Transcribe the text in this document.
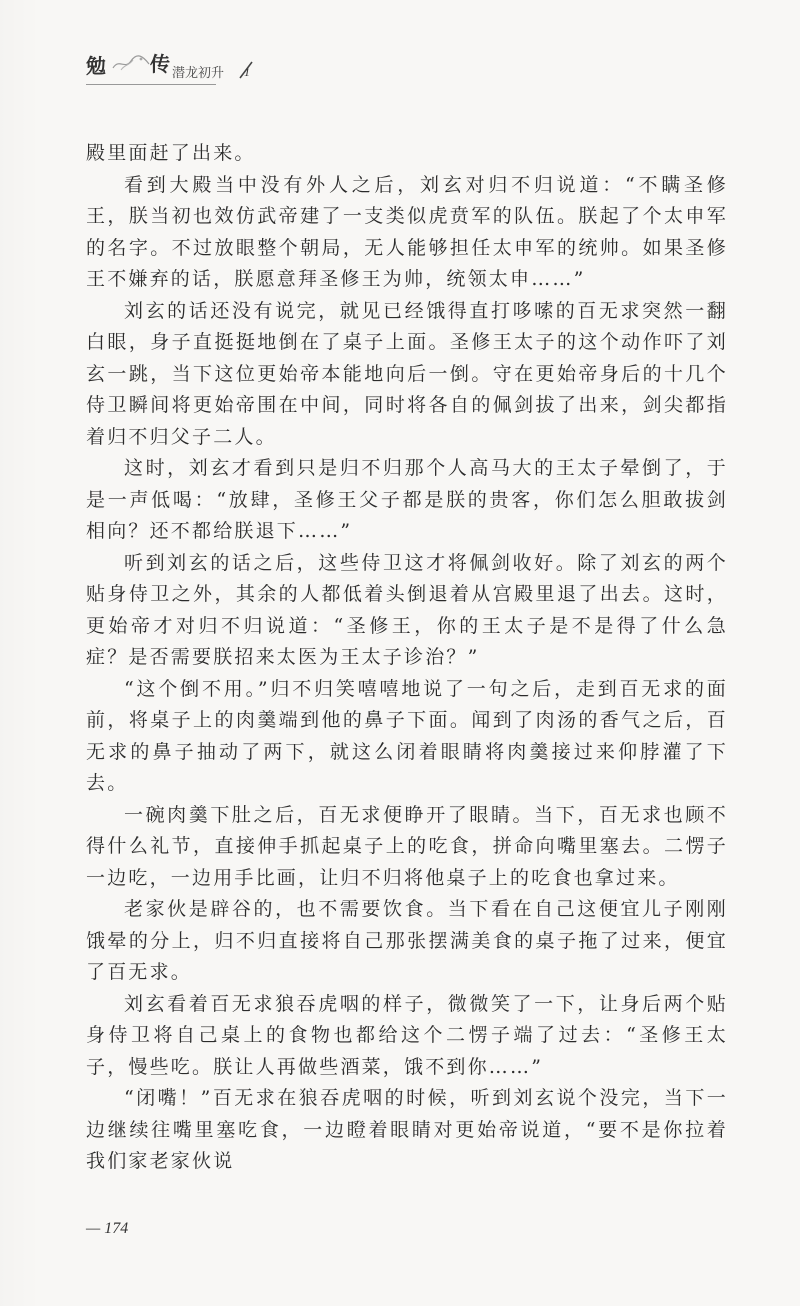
勉 传 潜龙初升 1

殿里面赶了出来。

看到大殿当中没有外人之后，刘玄对归不归说道：“不瞒圣修王，朕当初也效仿武帝建了一支类似虎贲军的队伍。朕起了个太申军的名字。不过放眼整个朝局，无人能够担任太申军的统帅。如果圣修王不嫌弃的话，朕愿意拜圣修王为帅，统领太申……”

刘玄的话还没有说完，就见已经饿得直打哆嗦的百无求突然一翻白眼，身子直挺挺地倒在了桌子上面。圣修王太子的这个动作吓了刘玄一跳，当下这位更始帝本能地向后一倒。守在更始帝身后的十几个侍卫瞬间将更始帝围在中间，同时将各自的佩剑拔了出来，剑尖都指着归不归父子二人。

这时，刘玄才看到只是归不归那个人高马大的王太子晕倒了，于是一声低喝：“放肆，圣修王父子都是朕的贵客，你们怎么胆敢拔剑相向？还不都给朕退下……”

听到刘玄的话之后，这些侍卫这才将佩剑收好。除了刘玄的两个贴身侍卫之外，其余的人都低着头倒退着从宫殿里退了出去。这时，更始帝才对归不归说道：“圣修王，你的王太子是不是得了什么急症？是否需要朕招来太医为王太子诊治？”

“这个倒不用。”归不归笑嘻嘻地说了一句之后，走到百无求的面前，将桌子上的肉羹端到他的鼻子下面。闻到了肉汤的香气之后，百无求的鼻子抽动了两下，就这么闭着眼睛将肉羹接过来仰脖灌了下去。

一碗肉羹下肚之后，百无求便睁开了眼睛。当下，百无求也顾不得什么礼节，直接伸手抓起桌子上的吃食，拼命向嘴里塞去。二愣子一边吃，一边用手比画，让归不归将他桌子上的吃食也拿过来。

老家伙是辟谷的，也不需要饮食。当下看在自己这便宜儿子刚刚饿晕的分上，归不归直接将自己那张摆满美食的桌子拖了过来，便宜了百无求。

刘玄看着百无求狼吞虎咽的样子，微微笑了一下，让身后两个贴身侍卫将自己桌上的食物也都给这个二愣子端了过去：“圣修王太子，慢些吃。朕让人再做些酒菜，饿不到你……”

“闭嘴！”百无求在狼吞虎咽的时候，听到刘玄说个没完，当下一边继续往嘴里塞吃食，一边瞪着眼睛对更始帝说道，“要不是你拉着我们家老家伙说

— 174
